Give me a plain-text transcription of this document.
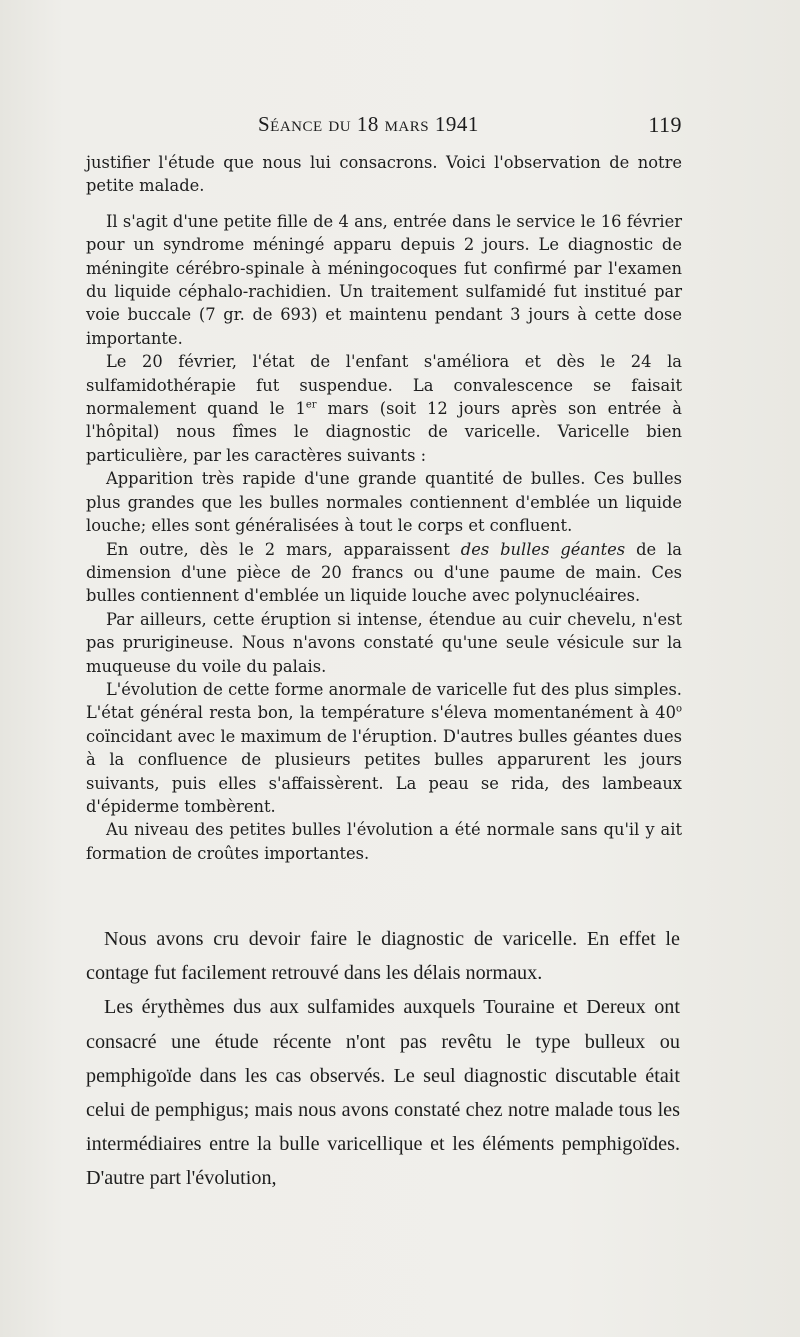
Séance du 18 mars 1941	119

justifier l'étude que nous lui consacrons. Voici l'observation de notre petite malade.

Il s'agit d'une petite fille de 4 ans, entrée dans le service le 16 février pour un syndrome méningé apparu depuis 2 jours. Le diagnostic de méningite cérébro-spinale à méningocoques fut confirmé par l'examen du liquide céphalo-rachidien. Un traitement sulfamidé fut institué par voie buccale (7 gr. de 693) et maintenu pendant 3 jours à cette dose importante.

Le 20 février, l'état de l'enfant s'améliora et dès le 24 la sulfamidothérapie fut suspendue. La convalescence se faisait normalement quand le 1er mars (soit 12 jours après son entrée à l'hôpital) nous fîmes le diagnostic de varicelle. Varicelle bien particulière, par les caractères suivants :

Apparition très rapide d'une grande quantité de bulles. Ces bulles plus grandes que les bulles normales contiennent d'emblée un liquide louche; elles sont généralisées à tout le corps et confluent.

En outre, dès le 2 mars, apparaissent des bulles géantes de la dimension d'une pièce de 20 francs ou d'une paume de main. Ces bulles contiennent d'emblée un liquide louche avec polynucléaires.

Par ailleurs, cette éruption si intense, étendue au cuir chevelu, n'est pas prurigineuse. Nous n'avons constaté qu'une seule vésicule sur la muqueuse du voile du palais.

L'évolution de cette forme anormale de varicelle fut des plus simples. L'état général resta bon, la température s'éleva momentanément à 40$^o$ coïncidant avec le maximum de l'éruption. D'autres bulles géantes dues à la confluence de plusieurs petites bulles apparurent les jours suivants, puis elles s'affaissèrent. La peau se rida, des lambeaux d'épiderme tombèrent.

Au niveau des petites bulles l'évolution a été normale sans qu'il y ait formation de croûtes importantes.

Nous avons cru devoir faire le diagnostic de varicelle. En effet le contage fut facilement retrouvé dans les délais normaux.

Les érythèmes dus aux sulfamides auxquels Touraine et Dereux ont consacré une étude récente n'ont pas revêtu le type bulleux ou pemphigoïde dans les cas observés. Le seul diagnostic discutable était celui de pemphigus; mais nous avons constaté chez notre malade tous les intermédiaires entre la bulle varicellique et les éléments pemphigoïdes. D'autre part l'évolution,
